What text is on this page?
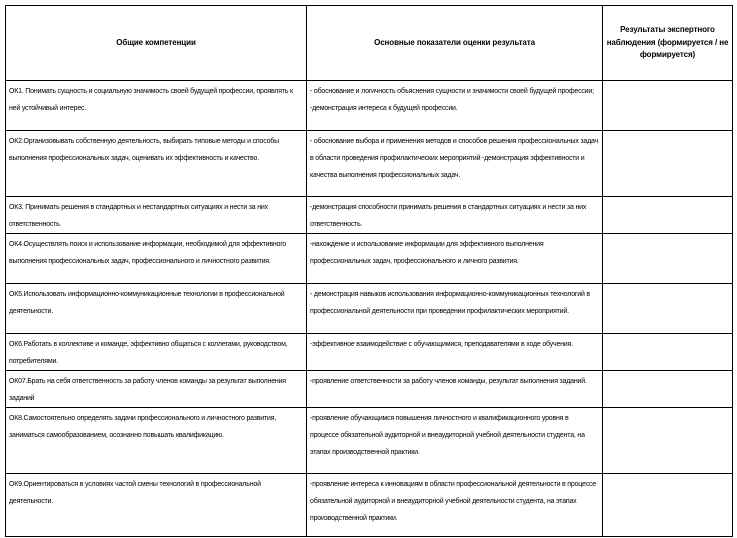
Общие компетенции	Основные показатели оценки результата	Результаты экспертного наблюдения (формируется / не формируется)
ОК1. Понимать сущность и социальную значимость своей будущей профессии, проявлять к ней устойчивый интерес.	- обоснование и логичность объяснения сущности и значимости своей будущей профессии; -демонстрация интереса к будущей профессии.	
ОК2.Организовывать собственную деятельность, выбирать типовые методы и способы выполнения профессиональных задач, оценивать их эффективность и качество.	- обоснование выбора и применения методов и способов решения профессиональных задач в области проведения профилактических мероприятий -демонстрация эффективности и качества выполнения профессиональных задач.	
ОК3. Принимать решения в стандартных и нестандартных ситуациях и нести за них ответственность.	-демонстрация способности принимать решения в стандартных ситуациях и нести за них ответственность.	
ОК4.Осуществлять поиск и использование информации, необходимой для эффективного выполнения профессиональных задач, профессионального и личностного развития.	-нахождение и использование информации для эффективного выполнения профессиональных задач, профессионального и личного развития.	
ОК5.Использовать информационно-коммуникационные технологии в профессиональной деятельности.	- демонстрация навыков использования информационно-коммуникационных технологий в профессиональной деятельности при проведении профилактических мероприятий.	
ОК6.Работать в коллективе и команде, эффективно общаться с коллегами, руководством, потребителями.	-эффективное взаимодействие с обучающимися, преподавателями в ходе обучения.	
ОК07.Брать на себя ответственность за работу членов команды за результат выполнения заданий	-проявление ответственности за работу членов команды, результат выполнения заданий.	
ОК8.Самостоятельно определять задачи профессионального и личностного развития, заниматься самообразованием, осознанно повышать квалификацию.	-проявление обучающимся повышения личностного и квалификационного уровня в процессе обязательной аудиторной и внеаудиторной учебной деятельности студента, на этапах производственной практики.	
ОК9.Ориентироваться в условиях частой смены технологий в профессиональной деятельности.	-проявление интереса к инновациям в области профессиональной деятельности в процессе обязательной аудиторной и внеаудиторной учебной деятельности студента, на этапах производственной практики.	
